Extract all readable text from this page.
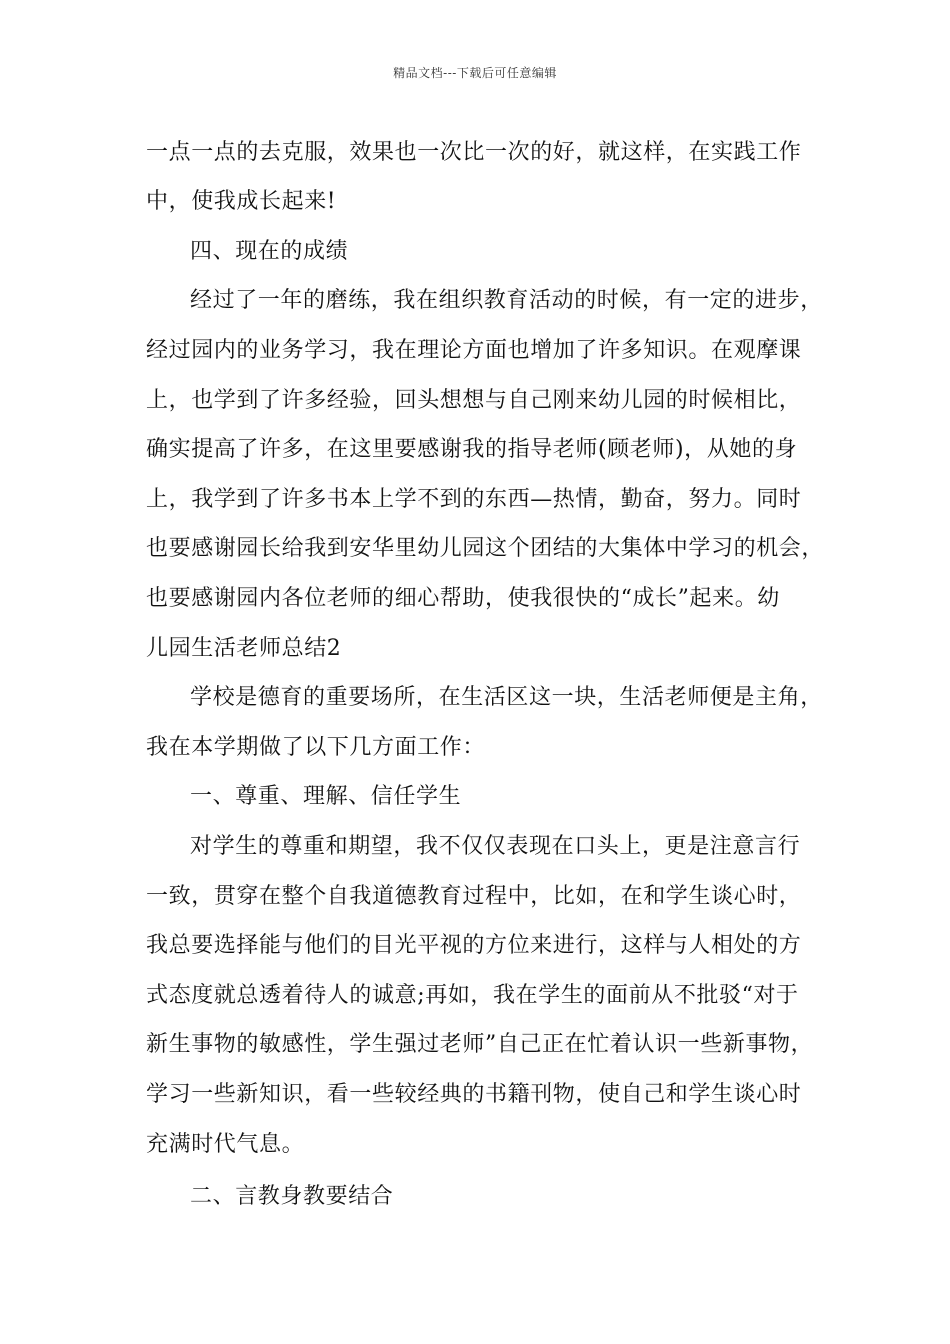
精品文档---下载后可任意编辑
一点一点的去克服，效果也一次比一次的好，就这样，在实践工作
中，使我成长起来!
四、现在的成绩
经过了一年的磨练，我在组织教育活动的时候，有一定的进步，
经过园内的业务学习，我在理论方面也增加了许多知识。在观摩课
上，也学到了许多经验，回头想想与自己刚来幼儿园的时候相比，
确实提高了许多，在这里要感谢我的指导老师(顾老师)，从她的身
上，我学到了许多书本上学不到的东西—热情，勤奋，努力。同时
也要感谢园长给我到安华里幼儿园这个团结的大集体中学习的机会，
也要感谢园内各位老师的细心帮助，使我很快的“成长”起来。幼
儿园生活老师总结2
学校是德育的重要场所，在生活区这一块，生活老师便是主角，
我在本学期做了以下几方面工作：
一、尊重、理解、信任学生
对学生的尊重和期望，我不仅仅表现在口头上，更是注意言行
一致，贯穿在整个自我道德教育过程中，比如，在和学生谈心时，
我总要选择能与他们的目光平视的方位来进行，这样与人相处的方
式态度就总透着待人的诚意;再如，我在学生的面前从不批驳“对于
新生事物的敏感性，学生强过老师”自己正在忙着认识一些新事物，
学习一些新知识，看一些较经典的书籍刊物，使自己和学生谈心时
充满时代气息。
二、言教身教要结合
